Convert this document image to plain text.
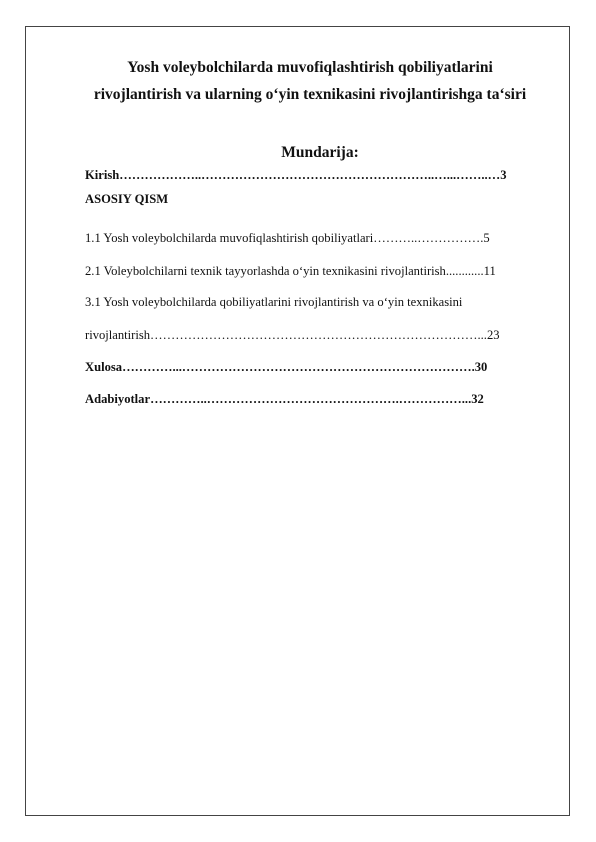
Yosh voleybolchilarda muvofiqlashtirish qobiliyatlarini
rivojlantirish va ularning o‘yin texnikasini rivojlantirishga ta‘siri
Mundarija:
Kirish………………..………………………………………………..…...……..…3
ASOSIY QISM
1.1 Yosh voleybolchilarda muvofiqlashtirish qobiliyatlari………..…………….5
2.1 Voleybolchilarni texnik tayyorlashda o‘yin texnikasini rivojlantirish............11
3.1 Yosh voleybolchilarda qobiliyatlarini rivojlantirish va o‘yin texnikasini
rivojlantirish……………………………………………………………………...23
Xulosa…………...…………………………………………………………….30
Adabiyotlar…………..……………………………………….……………...32
